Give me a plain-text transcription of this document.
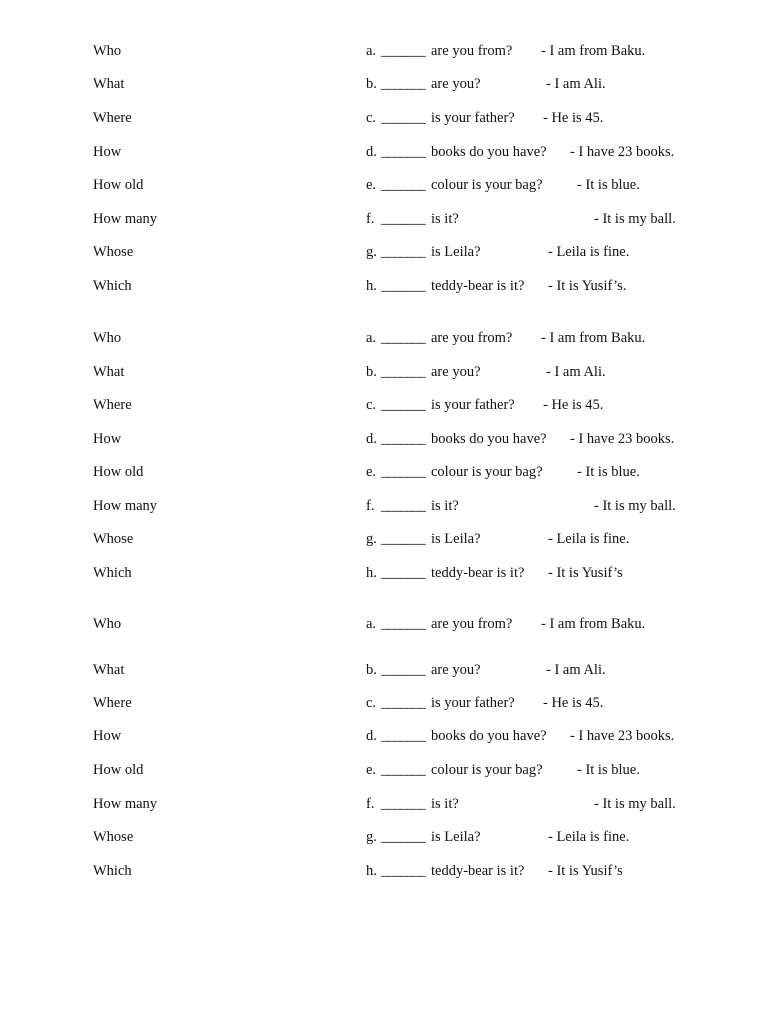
Who	a. _______ are you from? - I am from Baku.
What	b. _______ are you?	- I am Ali.
Where	c. _______ is your father? - He is 45.
How	d. _______ books do you have? - I have 23 books.
How old	e. _______ colour is your bag? - It is blue.
How many	f. _______ is it?	- It is my ball.
Whose	g. _______ is Leila?	- Leila is fine.
Which	h. _______ teddy-bear is it? - It is Yusif’s.
Who	a. _______ are you from? - I am from Baku.
What	b. _______ are you?	- I am Ali.
Where	c. _______ is your father? - He is 45.
How	d. _______ books do you have? - I have 23 books.
How old	e. _______ colour is your bag? - It is blue.
How many	f. _______ is it?	- It is my ball.
Whose	g. _______ is Leila?	- Leila is fine.
Which	h. _______ teddy-bear is it? - It is Yusif’s
Who	a. _______ are you from? - I am from Baku.
What	b. _______ are you?	- I am Ali.
Where	c. _______ is your father? - He is 45.
How	d. _______ books do you have? - I have 23 books.
How old	e. _______ colour is your bag? - It is blue.
How many	f. _______ is it?	- It is my ball.
Whose	g. _______ is Leila?	- Leila is fine.
Which	h. _______ teddy-bear is it? - It is Yusif’s
